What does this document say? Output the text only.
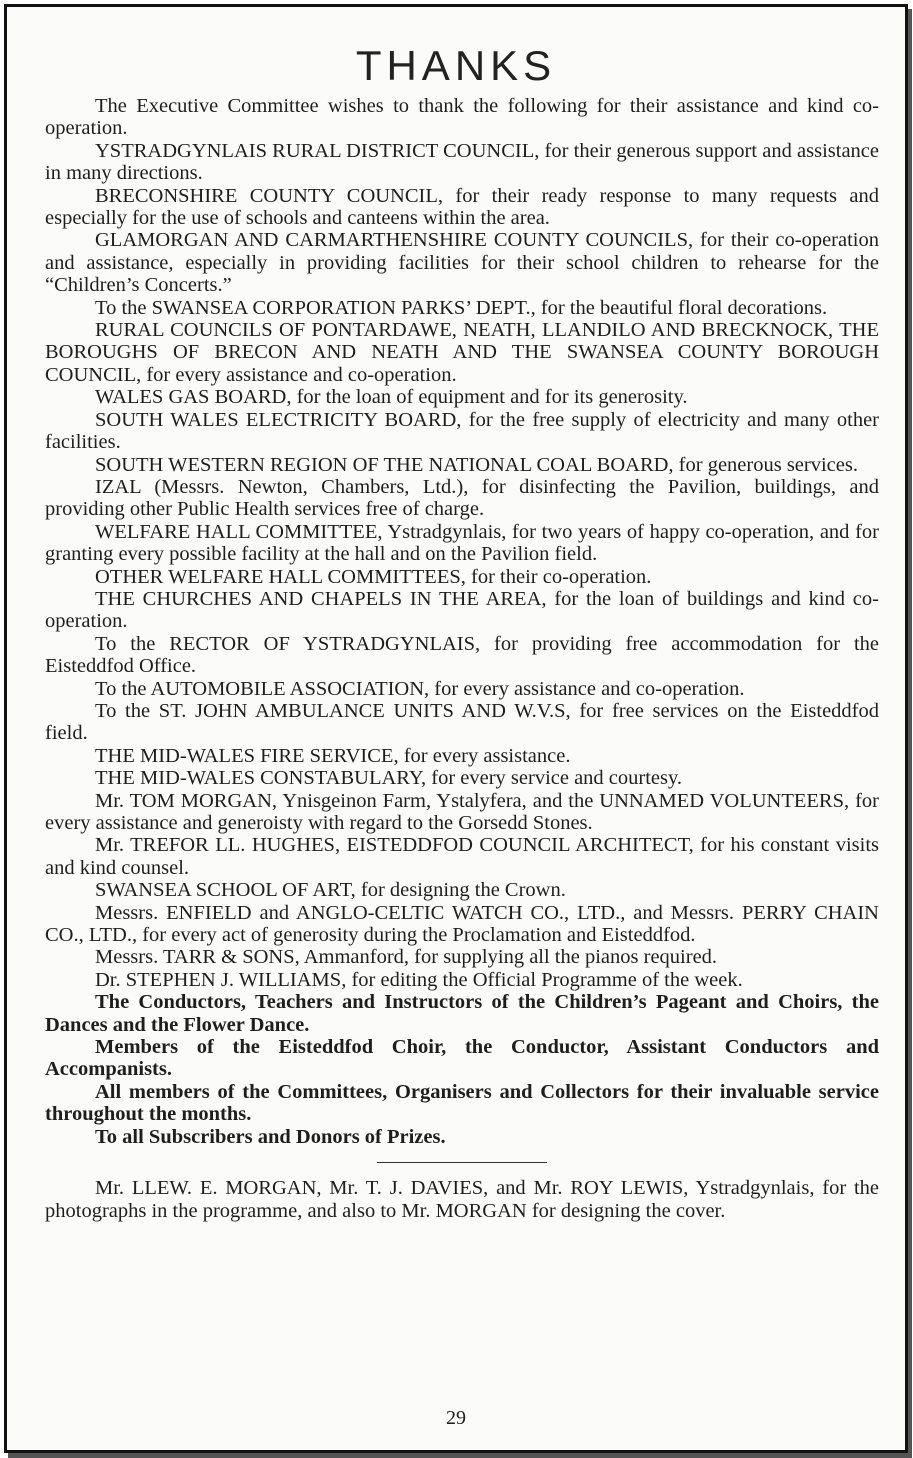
THANKS

The Executive Committee wishes to thank the following for their assistance and kind co-operation.

YSTRADGYNLAIS RURAL DISTRICT COUNCIL, for their generous support and assistance in many directions.

BRECONSHIRE COUNTY COUNCIL, for their ready response to many requests and especially for the use of schools and canteens within the area.

GLAMORGAN AND CARMARTHENSHIRE COUNTY COUNCILS, for their co-operation and assistance, especially in providing facilities for their school children to rehearse for the “Children’s Concerts.”

To the SWANSEA CORPORATION PARKS’ DEPT., for the beautiful floral decorations.

RURAL COUNCILS OF PONTARDAWE, NEATH, LLANDILO AND BRECKNOCK, THE BOROUGHS OF BRECON AND NEATH AND THE SWANSEA COUNTY BOROUGH COUNCIL, for every assistance and co-operation.

WALES GAS BOARD, for the loan of equipment and for its generosity.

SOUTH WALES ELECTRICITY BOARD, for the free supply of electricity and many other facilities.

SOUTH WESTERN REGION OF THE NATIONAL COAL BOARD, for generous services.

IZAL (Messrs. Newton, Chambers, Ltd.), for disinfecting the Pavilion, buildings, and providing other Public Health services free of charge.

WELFARE HALL COMMITTEE, Ystradgynlais, for two years of happy co-operation, and for granting every possible facility at the hall and on the Pavilion field.

OTHER WELFARE HALL COMMITTEES, for their co-operation.

THE CHURCHES AND CHAPELS IN THE AREA, for the loan of buildings and kind co-operation.

To the RECTOR OF YSTRADGYNLAIS, for providing free accommodation for the Eisteddfod Office.

To the AUTOMOBILE ASSOCIATION, for every assistance and co-operation.

To the ST. JOHN AMBULANCE UNITS AND W.V.S, for free services on the Eisteddfod field.

THE MID-WALES FIRE SERVICE, for every assistance.

THE MID-WALES CONSTABULARY, for every service and courtesy.

Mr. TOM MORGAN, Ynisgeinon Farm, Ystalyfera, and the UNNAMED VOLUNTEERS, for every assistance and generoisty with regard to the Gorsedd Stones.

Mr. TREFOR LL. HUGHES, EISTEDDFOD COUNCIL ARCHITECT, for his constant visits and kind counsel.

SWANSEA SCHOOL OF ART, for designing the Crown.

Messrs. ENFIELD and ANGLO-CELTIC WATCH CO., LTD., and Messrs. PERRY CHAIN CO., LTD., for every act of generosity during the Proclamation and Eisteddfod.

Messrs. TARR & SONS, Ammanford, for supplying all the pianos required.

Dr. STEPHEN J. WILLIAMS, for editing the Official Programme of the week.

The Conductors, Teachers and Instructors of the Children’s Pageant and Choirs, the Dances and the Flower Dance.

Members of the Eisteddfod Choir, the Conductor, Assistant Conductors and Accompanists.

All members of the Committees, Organisers and Collectors for their invaluable service throughout the months.

To all Subscribers and Donors of Prizes.

Mr. LLEW. E. MORGAN, Mr. T. J. DAVIES, and Mr. ROY LEWIS, Ystradgynlais, for the photographs in the programme, and also to Mr. MORGAN for designing the cover.

29
